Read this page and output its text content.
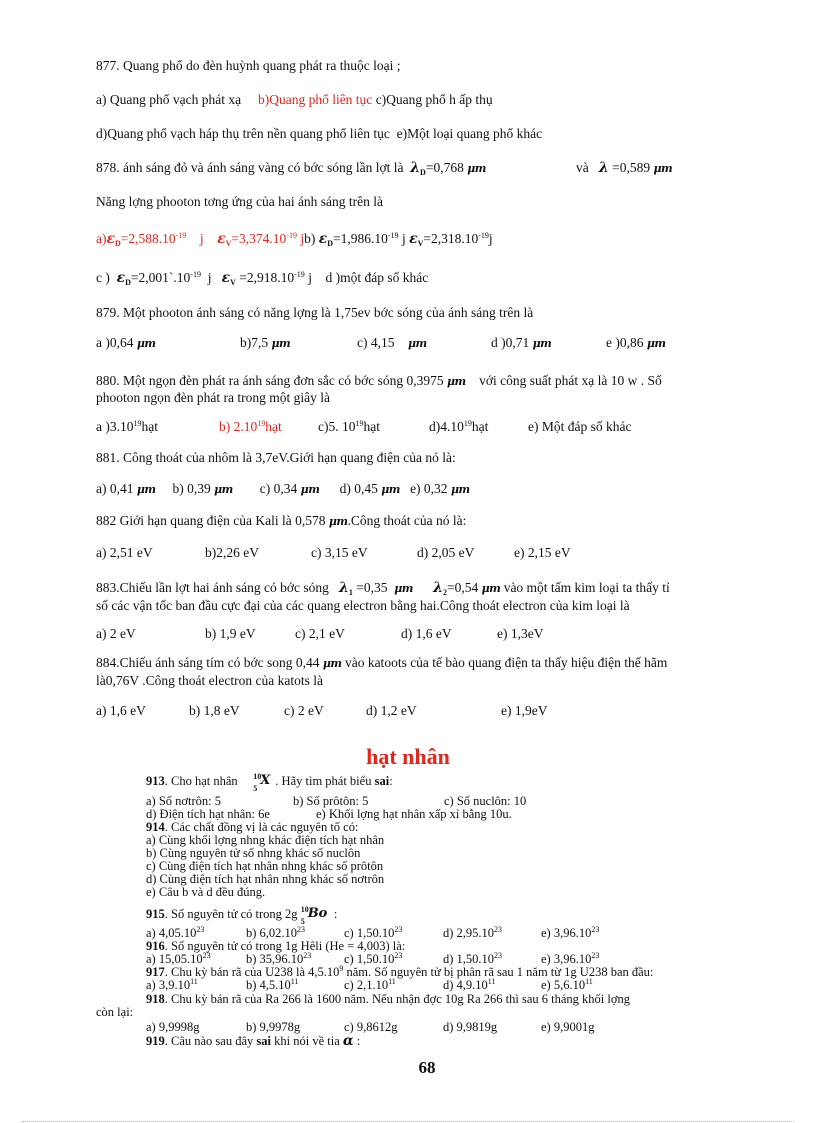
877. Quang phổ do đèn huỳnh quang phát ra thuộc loại ;
a) Quang phổ vạch phát xạ b)Quang phổ liên tục c)Quang phổ h ấp thụ
d)Quang phổ vạch háp thụ trên nền quang phổ liên tục e)Một loại quang phổ khác
878. ánh sáng đỏ và ánh sáng vàng có bớc sóng lần lợt là $\lambda_D=0,768$ μm	và λ =0,589 μm
Năng lợng phooton tơng ứng của hai ánh sáng trên là
$a)\varepsilon_D=2,588.10^{-19}$ j $\varepsilon_V=3,374.10^{-19}$ jb) $\varepsilon_D=1,986.10^{-19}$ j $\varepsilon_V=2,318.10^{-19}j$
c ) $\varepsilon_D=2,001`.10^{-19}$ j $\varepsilon_V =2,918.10^{-19}$ j d )một đáp số khác
879. Một phooton ánh sáng có năng lợng là 1,75ev bớc sóng của ánh sáng trên là
a )0,64 μm	b)7,5 μm	c) 4,15 μm	d )0,71 μm	e )0,86 μm
880. Một ngọn đèn phát ra ánh sáng đơn sắc có bớc sóng 0,3975 μm với công suất phát xạ là 10 w . Số
phooton ngọn đèn phát ra trong một giây là
a )3.10$^{19}$hạt	b) 2.10$^{19}$hạt	c)5. $10^{19}hạt$	d)4.10$^{19}$hạt	e) Một đáp số khác
881. Công thoát của nhôm là 3,7eV.Giới hạn quang điện của nó là:
a) 0,41 μm b) 0,39 μm c) 0,34 μm d) 0,45 μm e) 0,32 μm
882 Giới hạn quang điện của Kali là 0,578 μm.Công thoát của nó là:
a) 2,51 eV	b)2,26 eV	c) 3,15 eV	d) 2,05 eV	e) 2,15 eV
883.Chiếu lần lợt hai ánh sáng có bớc sóng $\lambda_1 =0,35$ μm $\lambda_2=0,54$ μm vào một tấm kim loại ta thấy tỉ
số các vận tốc ban đầu cực đại của các quang electron bằng hai.Công thoát electron của kim loại là
a) 2 eV	b) 1,9 eV	c) 2,1 eV	d) 1,6 eV	e) 1,3eV
884.Chiếu ánh sáng tím có bớc song 0,44 μm vào katoots của tế bào quang điện ta thấy hiệu điện thế hãm
là0,76V .Công thoát electron của katots là
a) 1,6 eV	b) 1,8 eV	c) 2 eV	d) 1,2 eV	e) 1,9eV
hạt nhân
913. Cho hạt nhân 10
5
X . Hãy tìm phát biểu sai:
a) Số nơtrôn: 5	b) Số prôtôn: 5	c) Số nuclôn: 10
d) Điện tích hạt nhân: 6e	e) Khối lợng hạt nhân xấp xỉ bằng 10u.
914. Các chất đồng vị là các nguyên tố có:
a) Cùng khối lợng nhng khác điện tích hạt nhân
b) Cùng nguyên tử số nhng khác số nuclôn
c) Cùng điện tích hạt nhân nhng khác số prôtôn
d) Cùng điện tích hạt nhân nhng khác số nơtrôn
e) Câu b và d đều đúng.
915. Số nguyên tử có trong 2g 10
5
Bo :
a) 4,05.10$^{23}$	b) 6,02.10$^{23}$	c) 1,50.10$^{23}$	d) 2,95.10$^{23}$	e) 3,96.10$^{23}$
916. Số nguyên tử có trong 1g Hêli (He = 4,003) là:
a) 15,05.10$^{23}$	b) 35,96.10$^{23}$	c) 1,50.10$^{23}$	d) 1,50.10$^{23}$	e) 3,96.10$^{23}$
917. Chu kỳ bán rã của U238 là 4,5.10$^9$ năm. Số nguyên tử bị phân rã sau 1 năm từ 1g U238 ban đầu:
a) 3,9.10$^{11}$	b) 4,5.10$^{11}$	c) 2,1.10$^{11}$	d) 4,9.10$^{11}$	e) 5,6.10$^{11}$
918. Chu kỳ bán rã của Ra 266 là 1600 năm. Nếu nhận đợc 10g Ra 266 thì sau 6 tháng khối lợng
còn lại:
a) 9,9998g	b) 9,9978g	c) 9,8612g	d) 9,9819g	e) 9,9001g
919. Câu nào sau đây sai khi nói về tia α :
68
